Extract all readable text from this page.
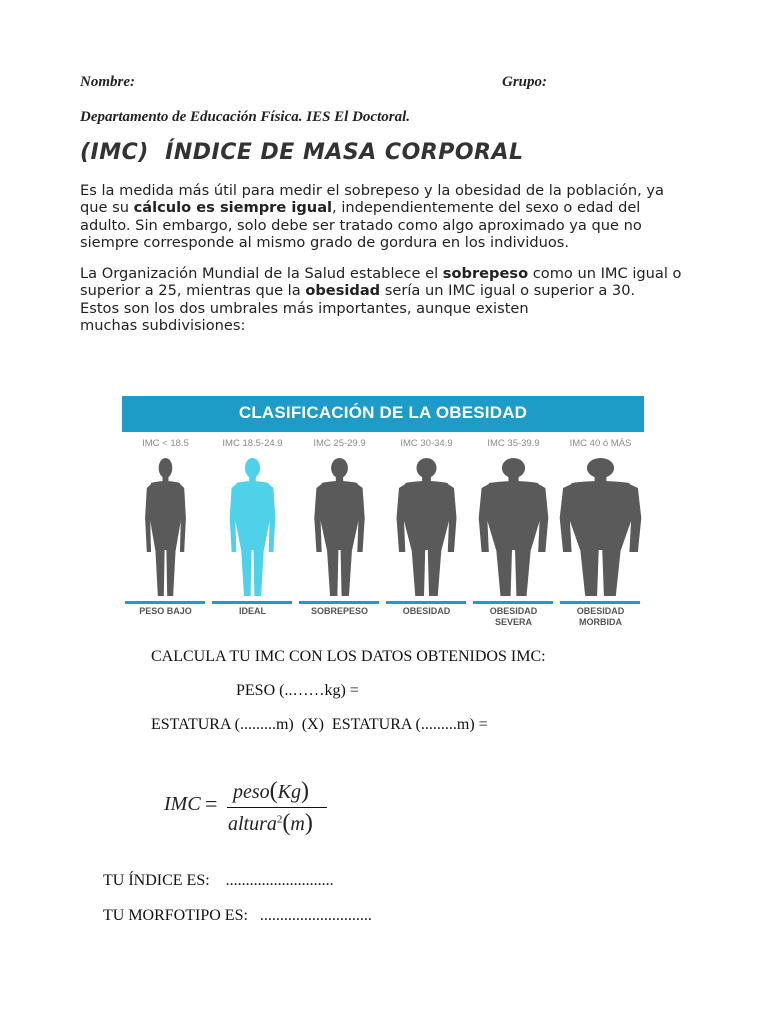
Nombre:	Grupo:
Departamento de Educación Física. IES El Doctoral.
(IMC)  ÍNDICE DE MASA CORPORAL
Es la medida más útil para medir el sobrepeso y la obesidad de la población, ya que su cálculo es siempre igual, independientemente del sexo o edad del adulto. Sin embargo, solo debe ser tratado como algo aproximado ya que no siempre corresponde al mismo grado de gordura en los individuos.
La Organización Mundial de la Salud establece el sobrepeso como un IMC igual o superior a 25, mientras que la obesidad sería un IMC igual o superior a 30.
Estos son los dos umbrales más importantes, aunque existen
muchas subdivisiones:
CLASIFICACIÓN DE LA OBESIDAD
IMC < 18.5	IMC 18.5-24.9	IMC 25-29.9	IMC 30-34.9	IMC 35-39.9	IMC 40 ó MÁS
PESO BAJO	IDEAL	SOBREPESO	OBESIDAD	OBESIDAD
SEVERA
OBESIDAD
MORBIDA
CALCULA TU IMC CON LOS DATOS OBTENIDOS IMC:
PESO (..……kg) =
ESTATURA (.........m)  (X)  ESTATURA (.........m) =
IMC = peso(Kg)
altura$^2$(m)
TU ÍNDICE ES: ...........................
TU MORFOTIPO ES: ............................
